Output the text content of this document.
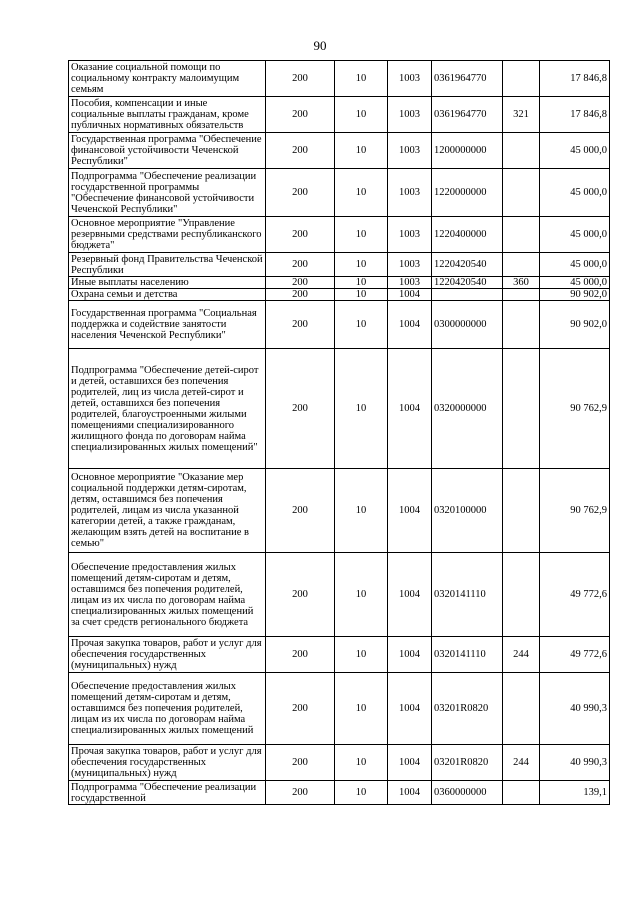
90
Оказание социальной помощи по социальному контракту малоимущим семьям	200	10	1003	0361964770		17 846,8
Пособия, компенсации и иные социальные выплаты гражданам, кроме публичных нормативных обязательств	200	10	1003	0361964770	321	17 846,8
Государственная программа "Обеспечение финансовой устойчивости Чеченской Республики"	200	10	1003	1200000000		45 000,0
Подпрограмма "Обеспечение реализации государственной программы "Обеспечение финансовой устойчивости Чеченской Республики"	200	10	1003	1220000000		45 000,0
Основное мероприятие "Управление резервными средствами республиканского бюджета"	200	10	1003	1220400000		45 000,0
Резервный фонд Правительства Чеченской Республики	200	10	1003	1220420540		45 000,0
Иные выплаты населению	200	10	1003	1220420540	360	45 000,0
Охрана семьи и детства	200	10	1004			90 902,0
Государственная программа "Социальная поддержка и содействие занятости населения Чеченской Республики"	200	10	1004	0300000000		90 902,0
Подпрограмма "Обеспечение детей-сирот и детей, оставшихся без попечения родителей, лиц из числа детей-сирот и детей, оставшихся без попечения родителей, благоустроенными жилыми помещениями специализированного жилищного фонда по договорам найма специализированных жилых помещений"	200	10	1004	0320000000		90 762,9
Основное мероприятие "Оказание мер социальной поддержки детям-сиротам, детям, оставшимся без попечения родителей, лицам из числа указанной категории детей, а также гражданам, желающим взять детей на воспитание в семью"	200	10	1004	0320100000		90 762,9
Обеспечение предоставления жилых помещений детям-сиротам и детям, оставшимся без попечения родителей, лицам из их числа по договорам найма специализированных жилых помещений за счет средств регионального бюджета	200	10	1004	0320141110		49 772,6
Прочая закупка товаров, работ и услуг для обеспечения государственных (муниципальных) нужд	200	10	1004	0320141110	244	49 772,6
Обеспечение предоставления жилых помещений детям-сиротам и детям, оставшимся без попечения родителей, лицам из их числа по договорам найма специализированных жилых помещений	200	10	1004	03201R0820		40 990,3
Прочая закупка товаров, работ и услуг для обеспечения государственных (муниципальных) нужд	200	10	1004	03201R0820	244	40 990,3
Подпрограмма "Обеспечение реализации государственной	200	10	1004	0360000000		139,1
